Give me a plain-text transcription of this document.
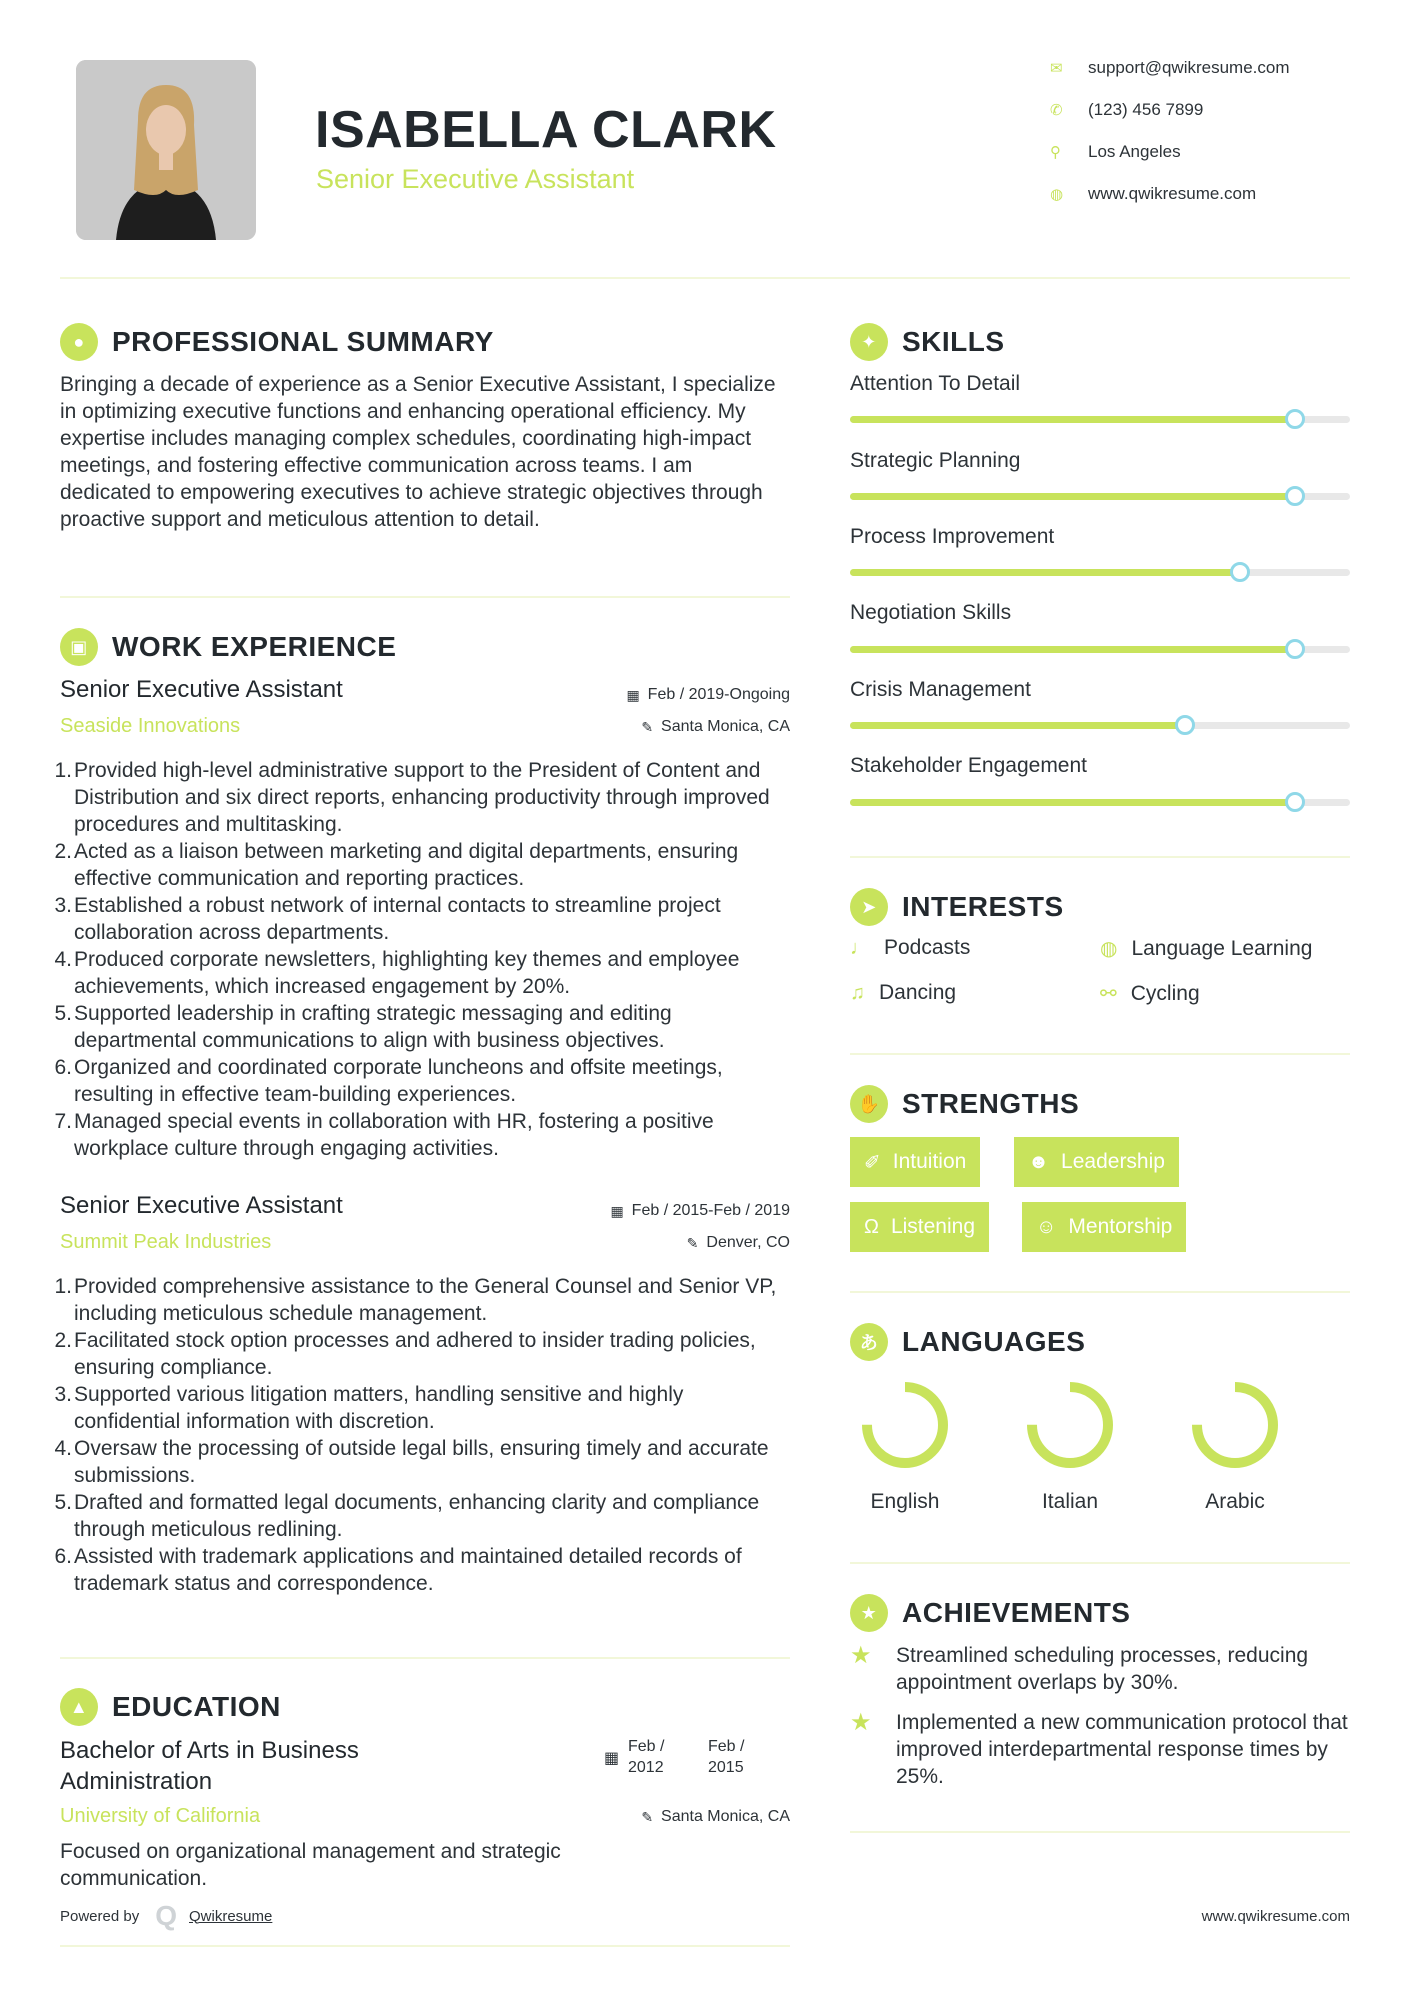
ISABELLA CLARK
Senior Executive Assistant
✉	support@qwikresume.com
✆	(123) 456 7899
⚲	Los Angeles
◍	www.qwikresume.com
● PROFESSIONAL SUMMARY
Bringing a decade of experience as a Senior Executive Assistant, I specialize in optimizing executive functions and enhancing operational efficiency. My expertise includes managing complex schedules, coordinating high-impact meetings, and fostering effective communication across teams. I am dedicated to empowering executives to achieve strategic objectives through proactive support and meticulous attention to detail.
▣ WORK EXPERIENCE
Senior Executive Assistant	▦ Feb / 2019-Ongoing
Seaside Innovations	✎ Santa Monica, CA
1. Provided high-level administrative support to the President of Content and Distribution and six direct reports, enhancing productivity through improved procedures and multitasking.
2. Acted as a liaison between marketing and digital departments, ensuring effective communication and reporting practices.
3. Established a robust network of internal contacts to streamline project collaboration across departments.
4. Produced corporate newsletters, highlighting key themes and employee achievements, which increased engagement by 20%.
5. Supported leadership in crafting strategic messaging and editing departmental communications to align with business objectives.
6. Organized and coordinated corporate luncheons and offsite meetings, resulting in effective team-building experiences.
7. Managed special events in collaboration with HR, fostering a positive workplace culture through engaging activities.
Senior Executive Assistant	▦ Feb / 2015-Feb / 2019
Summit Peak Industries	✎ Denver, CO
1. Provided comprehensive assistance to the General Counsel and Senior VP, including meticulous schedule management.
2. Facilitated stock option processes and adhered to insider trading policies, ensuring compliance.
3. Supported various litigation matters, handling sensitive and highly confidential information with discretion.
4. Oversaw the processing of outside legal bills, ensuring timely and accurate submissions.
5. Drafted and formatted legal documents, enhancing clarity and compliance through meticulous redlining.
6. Assisted with trademark applications and maintained detailed records of trademark status and correspondence.
▲ EDUCATION
Bachelor of Arts in Business Administration
▦
Feb / 2012
Feb / 2015
University of California	✎ Santa Monica, CA
Focused on organizational management and strategic communication.
Powered by Q Qwikresume	www.qwikresume.com
✦ SKILLS
Attention To Detail
Strategic Planning
Process Improvement
Negotiation Skills
Crisis Management
Stakeholder Engagement
➤ INTERESTS
♩ Podcasts	◍ Language Learning
♫ Dancing	⚯ Cycling
✋ STRENGTHS
✐ Intuition	☻ Leadership
Ω Listening	☺ Mentorship
あ LANGUAGES
English	Italian	Arabic
★ ACHIEVEMENTS
★	Streamlined scheduling processes, reducing appointment overlaps by 30%.
★	Implemented a new communication protocol that improved interdepartmental response times by 25%.
